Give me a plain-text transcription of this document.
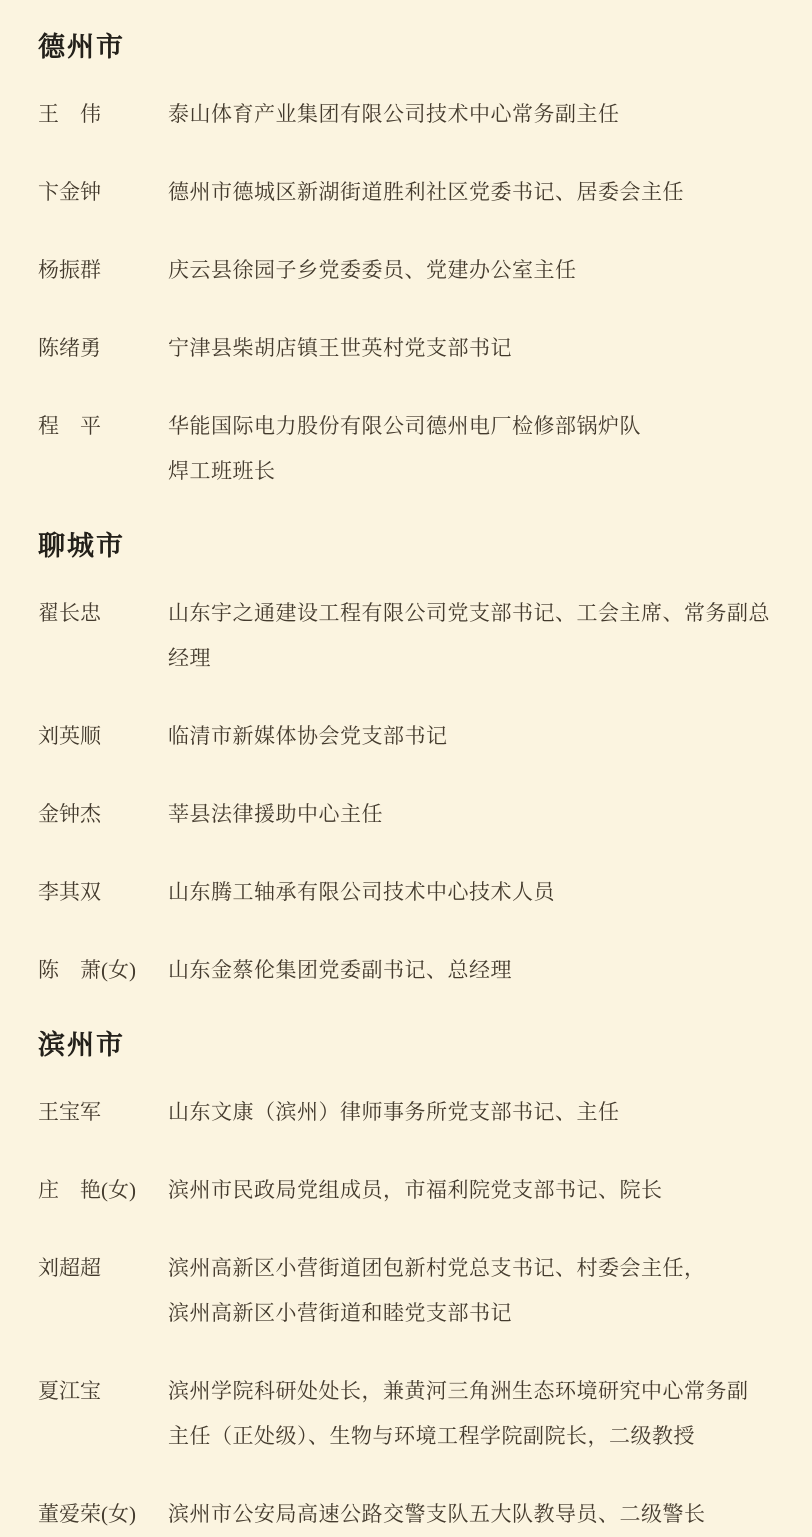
德州市
王　伟	泰山体育产业集团有限公司技术中心常务副主任
卞金钟	德州市德城区新湖街道胜利社区党委书记、居委会主任
杨振群	庆云县徐园子乡党委委员、党建办公室主任
陈绪勇	宁津县柴胡店镇王世英村党支部书记
程　平	华能国际电力股份有限公司德州电厂检修部锅炉队
焊工班班长
聊城市
翟长忠	山东宇之通建设工程有限公司党支部书记、工会主席、常务副总经理
刘英顺	临清市新媒体协会党支部书记
金钟杰	莘县法律援助中心主任
李其双	山东腾工轴承有限公司技术中心技术人员
陈　萧(女)	山东金蔡伦集团党委副书记、总经理
滨州市
王宝军	山东文康（滨州）律师事务所党支部书记、主任
庄　艳(女)	滨州市民政局党组成员，市福利院党支部书记、院长
刘超超	滨州高新区小营街道团包新村党总支书记、村委会主任，
滨州高新区小营街道和睦党支部书记
夏江宝	滨州学院科研处处长，兼黄河三角洲生态环境研究中心常务副
主任（正处级）、生物与环境工程学院副院长，二级教授
董爱荣(女)	滨州市公安局高速公路交警支队五大队教导员、二级警长
